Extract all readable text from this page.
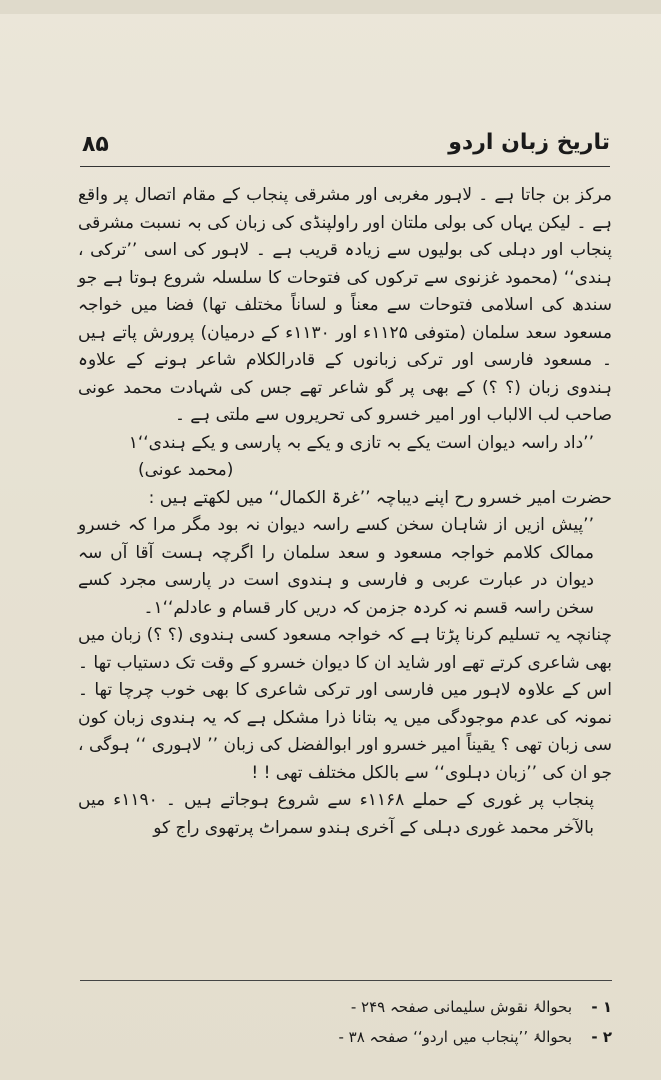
تاریخ زبان اردو
۸۵

مرکز بن جاتا ہے ۔ لاہور مغربی اور مشرقی پنجاب کے مقام اتصال پر واقع ہے ۔ لیکن یہاں کی بولی ملتان اور راولپنڈی کی زبان کی بہ نسبت مشرقی پنجاب اور دہلی کی بولیوں سے زیادہ قریب ہے ۔ لاہور کی اسی ’’ترکی ، ہندی‘‘ (محمود غزنوی سے ترکوں کی فتوحات کا سلسلہ شروع ہوتا ہے جو سندھ کی اسلامی فتوحات سے معناً و لساناً مختلف تھا) فضا میں خواجہ مسعود سعد سلمان (متوفی ۱۱۲۵ء اور ۱۱۳۰ء کے درمیان) پرورش پاتے ہیں ۔ مسعود فارسی اور ترکی زبانوں کے قادرالکلام شاعر ہونے کے علاوہ ہندوی زبان (؟ ؟) کے بھی پر گو شاعر تھے جس کی شہادت محمد عونی صاحب لب الالباب اور امیر خسرو کی تحریروں سے ملتی ہے ۔

’’داد راسہ دیوان است یکے بہ تازی و یکے بہ پارسی و یکے ہندی‘‘۱

(محمد عونی)

حضرت امیر خسرو رح اپنے دیباچہ ’’غرۃ الکمال‘‘ میں لکھتے ہیں :

’’پیش ازیں از شاہان سخن کسے راسہ دیوان نہ بود مگر مرا کہ خسرو ممالک کلامم خواجہ مسعود و سعد سلمان را اگرچہ ہست آقا آں سہ دیوان در عبارت عربی و فارسی و ہندوی است در پارسی مجرد کسے سخن راسہ قسم نہ کردہ جزمن کہ دریں کار قسام و عادلم‘‘۱۔

چنانچہ یہ تسلیم کرنا پڑتا ہے کہ خواجہ مسعود کسی ہندوی (؟ ؟) زبان میں بھی شاعری کرتے تھے اور شاید ان کا دیوان خسرو کے وقت تک دستیاب تھا ۔ اس کے علاوہ لاہور میں فارسی اور ترکی شاعری کا بھی خوب چرچا تھا ۔ نمونہ کی عدم موجودگی میں یہ بتانا ذرا مشکل ہے کہ یہ ہندوی زبان کون سی زبان تھی ؟ یقیناً امیر خسرو اور ابوالفضل کی زبان ’’ لاہوری ‘‘ ہوگی ، جو ان کی ’’زبان دہلوی‘‘ سے بالکل مختلف تھی ! !

پنجاب پر غوری کے حملے ۱۱۶۸ء سے شروع ہوجاتے ہیں ۔ ۱۱۹۰ء میں بالآخر محمد غوری دہلی کے آخری ہندو سمراٹ پرتھوی راج کو

۱ -
بحوالۂ نقوش سلیمانی صفحہ ۲۴۹ -
۲ -
بحوالۂ ’’پنجاب میں اردو‘‘ صفحہ ۳۸ -
